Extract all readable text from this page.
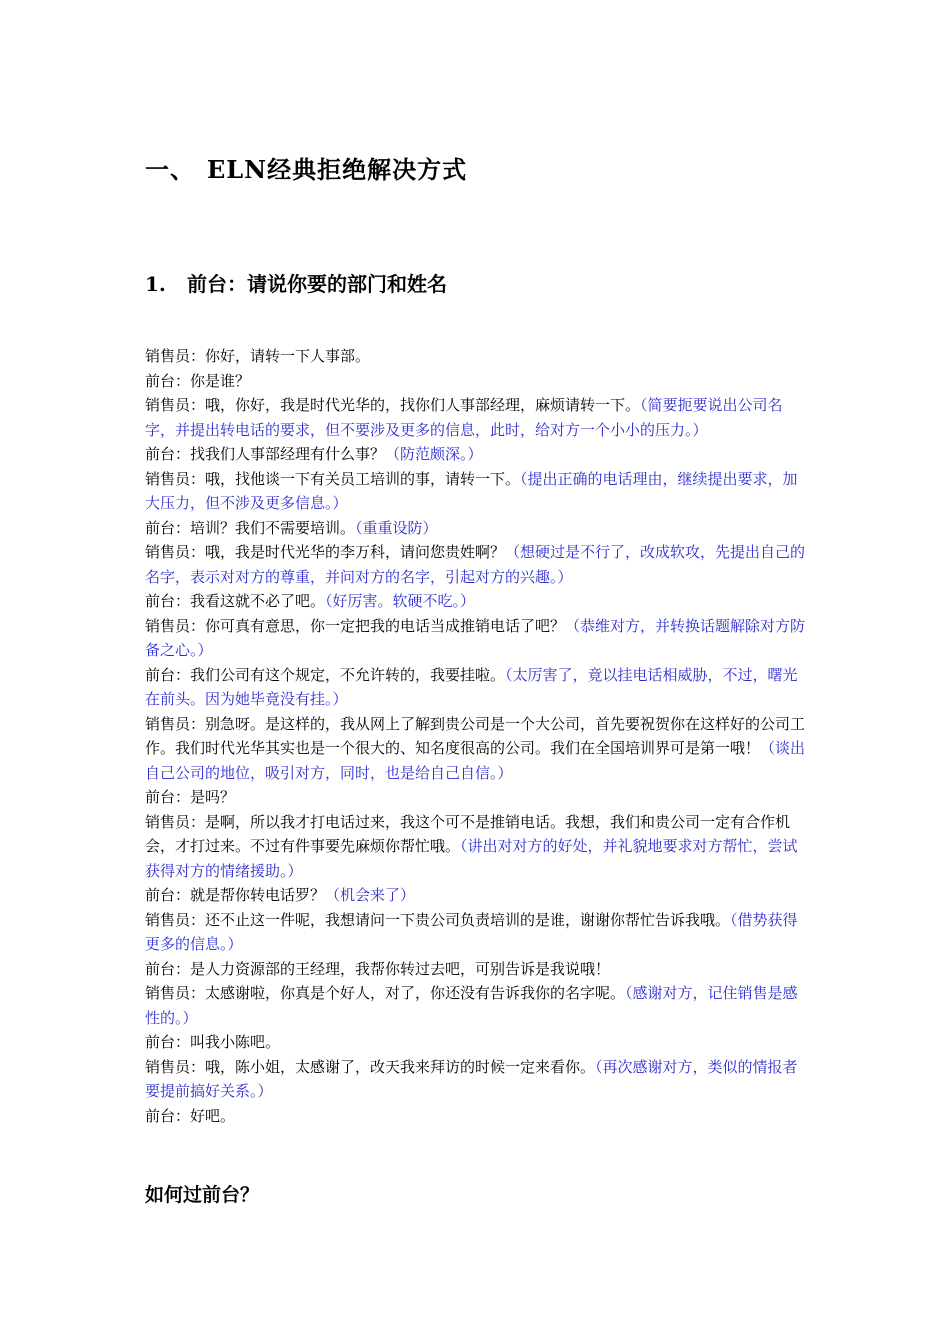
一、 ELN经典拒绝解决方式
1. 前台：请说你要的部门和姓名

销售员：你好，请转一下人事部。

前台：你是谁？

销售员：哦，你好，我是时代光华的，找你们人事部经理，麻烦请转一下。（简要扼要说出公司名字，并提出转电话的要求，但不要涉及更多的信息，此时，给对方一个小小的压力。）

前台：找我们人事部经理有什么事？（防范颇深。）

销售员：哦，找他谈一下有关员工培训的事，请转一下。（提出正确的电话理由，继续提出要求，加大压力，但不涉及更多信息。）

前台：培训？我们不需要培训。（重重设防）

销售员：哦，我是时代光华的李万科，请问您贵姓啊？（想硬过是不行了，改成软攻，先提出自己的名字，表示对对方的尊重，并问对方的名字，引起对方的兴趣。）

前台：我看这就不必了吧。（好厉害。软硬不吃。）

销售员：你可真有意思，你一定把我的电话当成推销电话了吧？（恭维对方，并转换话题解除对方防备之心。）

前台：我们公司有这个规定，不允许转的，我要挂啦。（太厉害了，竟以挂电话相威胁，不过，曙光在前头。因为她毕竟没有挂。）

销售员：别急呀。是这样的，我从网上了解到贵公司是一个大公司，首先要祝贺你在这样好的公司工作。我们时代光华其实也是一个很大的、知名度很高的公司。我们在全国培训界可是第一哦！（谈出自己公司的地位，吸引对方，同时，也是给自己自信。）

前台：是吗？

销售员：是啊，所以我才打电话过来，我这个可不是推销电话。我想，我们和贵公司一定有合作机会，才打过来。不过有件事要先麻烦你帮忙哦。（讲出对对方的好处，并礼貌地要求对方帮忙，尝试获得对方的情绪援助。）

前台：就是帮你转电话罗？（机会来了）

销售员：还不止这一件呢，我想请问一下贵公司负责培训的是谁，谢谢你帮忙告诉我哦。（借势获得更多的信息。）

前台：是人力资源部的王经理，我帮你转过去吧，可别告诉是我说哦！

销售员：太感谢啦，你真是个好人，对了，你还没有告诉我你的名字呢。（感谢对方，记住销售是感性的。）

前台：叫我小陈吧。

销售员：哦，陈小姐，太感谢了，改天我来拜访的时候一定来看你。（再次感谢对方，类似的情报者要提前搞好关系。）

前台：好吧。

如何过前台？
